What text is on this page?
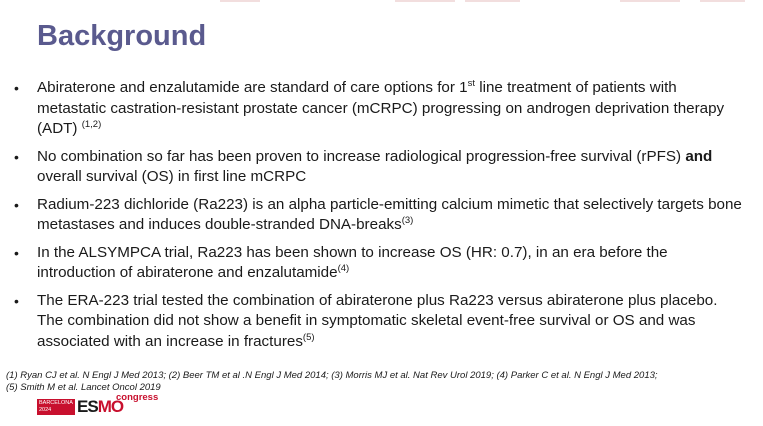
Background
•	Abiraterone and enzalutamide are standard of care options for 1st line treatment of patients with metastatic castration-resistant prostate cancer (mCRPC) progressing on androgen deprivation therapy (ADT) $^{(1,2)}$
•	No combination so far has been proven to increase radiological progression-free survival (rPFS) and overall survival (OS) in first line mCRPC
•	Radium-223 dichloride (Ra223) is an alpha particle-emitting calcium mimetic that selectively targets bone metastases and induces double-stranded DNA-breaks$^{(3)}$
•	In the ALSYMPCA trial, Ra223 has been shown to increase OS (HR: 0.7), in an era before the introduction of abiraterone and enzalutamide$^{(4)}$
•	The ERA-223 trial tested the combination of abiraterone plus Ra223 versus abiraterone plus placebo. The combination did not show a benefit in symptomatic skeletal event-free survival or OS and was associated with an increase in fractures$^{(5)}$
(1) Ryan CJ et al. N Engl J Med 2013; (2) Beer TM et al .N Engl J Med 2014; (3) Morris MJ et al. Nat Rev Urol 2019; (4) Parker C et al. N Engl J Med 2013;
(5) Smith M et al. Lancet Oncol 2019
BARCELONA
2024	ESMO
congress
